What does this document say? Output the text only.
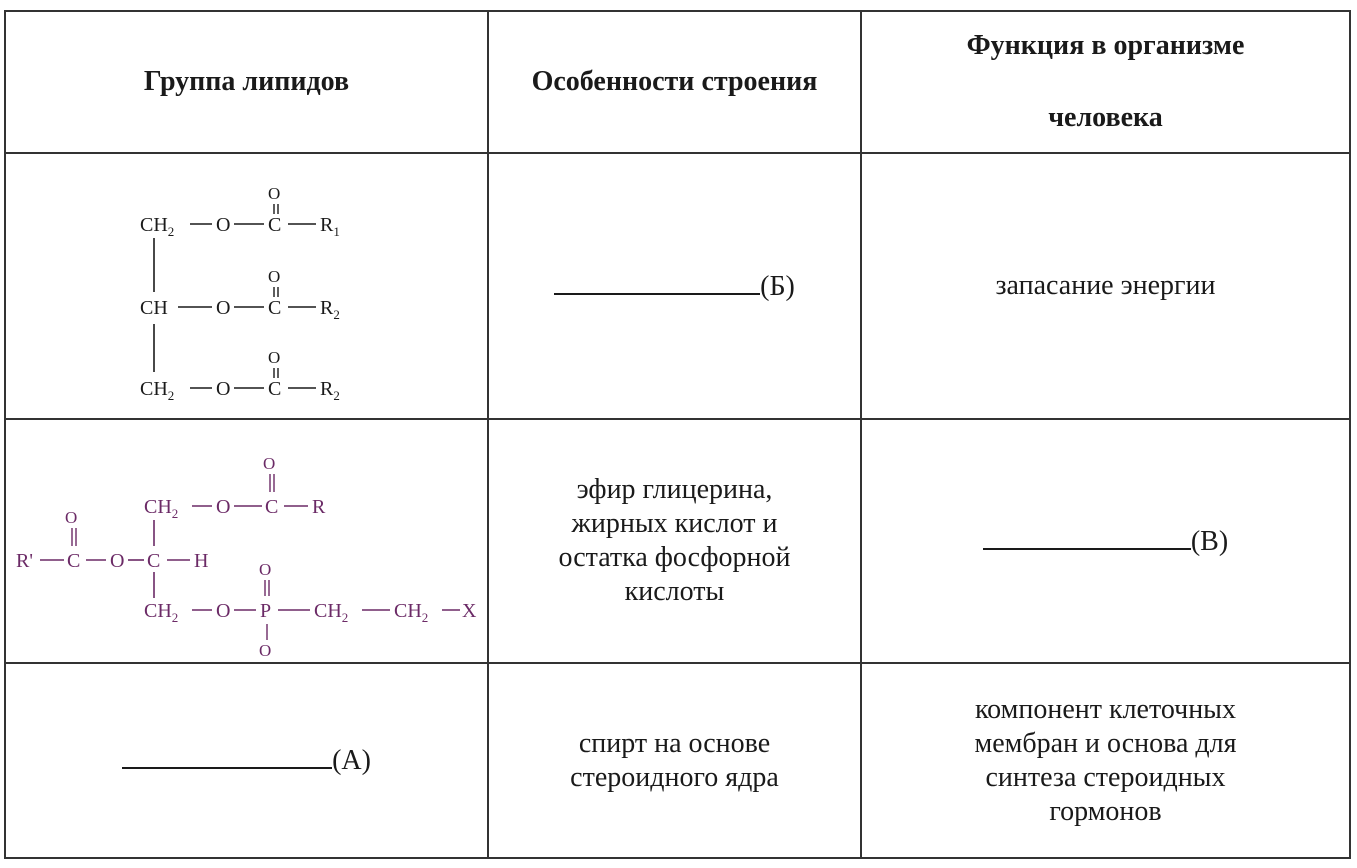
Группа липидов	Особенности строения
Функция в организме
человека
$CH_2$ O C
O
$R_1$
CH O C
O
$R_2$
$CH_2$ O C
O
$R_2$
(Б)	запасание энергии
$CH_2$ O C
O
R
R' C
O
O C H
$CH_2$ O P
O
O
$CH_2$ $CH_2$ X
эфир глицерина,
жирных кислот и
остатка фосфорной
кислоты
(В)
(А)
спирт на основе
стероидного ядра
компонент клеточных
мембран и основа для
синтеза стероидных
гормонов
